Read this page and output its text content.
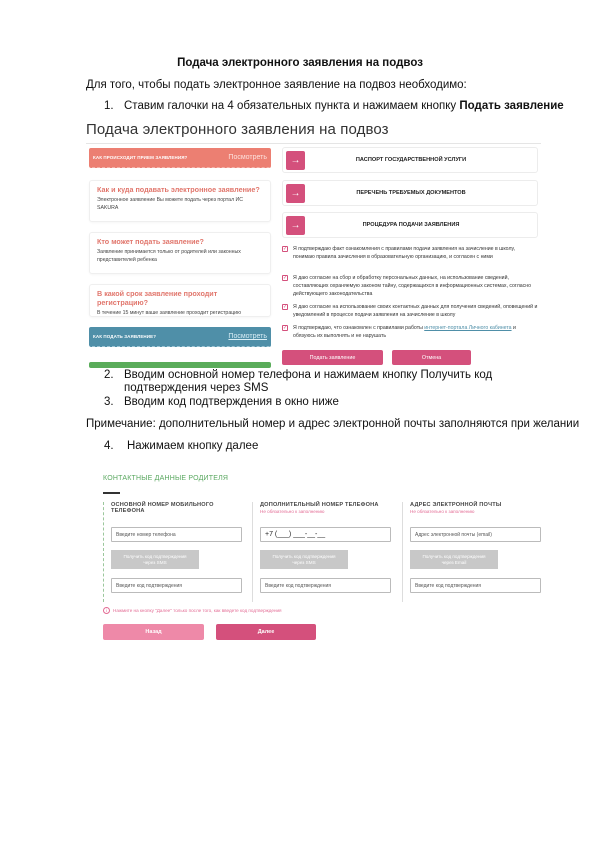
Подача электронного заявления на подвоз
Для того, чтобы подать электронное заявление на подвоз необходимо:
1. Ставим галочки на 4 обязательных пункта и нажимаем кнопку Подать заявление
Подача электронного заявления на подвоз
КАК ПРОИСХОДИТ ПРИЕМ ЗАЯВЛЕНИЯ?	Посмотреть
Как и куда подавать электронное заявление?
Электронное заявление Вы можете подать через портал ИС SAKURA
Кто может подать заявление?
Заявление принимается только от родителей или законных представителей ребенка
В какой срок заявление проходит регистрацию?
В течение 15 минут ваше заявление проходит регистрацию
КАК ПОДАТЬ ЗАЯВЛЕНИЕ?	Посмотреть
→	ПАСПОРТ ГОСУДАРСТВЕННОЙ УСЛУГИ
→	ПЕРЕЧЕНЬ ТРЕБУЕМЫХ ДОКУМЕНТОВ
→	ПРОЦЕДУРА ПОДАЧИ ЗАЯВЛЕНИЯ
✓ Я подтверждаю факт ознакомления с правилами подачи заявления на зачисление в школу, понимаю правила зачисления в образовательную организацию, и согласен с ними
✓ Я даю согласие на сбор и обработку персональных данных, на использование сведений, составляющих охраняемую законом тайну, содержащихся в информационных системах, согласно действующего законодательства
✓ Я даю согласие на использование своих контактных данных для получения сведений, оповещений и уведомлений в процессе подачи заявления на зачисление в школу
✓ Я подтверждаю, что ознакомлен с правилами работы интернет-портала Личного кабинета и обязуюсь их выполнять и не нарушать
Подать заявление	Отмена
2. Вводим основной номер телефона и нажимаем кнопку Получить код
подтверждения через SMS
3. Вводим код подтверждения в окно ниже
Примечание: дополнительный номер и адрес электронной почты заполняются при желании
4. Нажимаем кнопку далее
КОНТАКТНЫЕ ДАННЫЕ РОДИТЕЛЯ
ОСНОВНОЙ НОМЕР МОБИЛЬНОГО ТЕЛЕФОНА
Введите номер телефона
Получить код подтверждения через SMS
Введите код подтверждения
ДОПОЛНИТЕЛЬНЫЙ НОМЕР ТЕЛЕФОНА
Не обязательно к заполнению
+7 (___) ___-__-__
Получить код подтверждения через SMS
Введите код подтверждения
АДРЕС ЭЛЕКТРОННОЙ ПОЧТЫ
Не обязательно к заполнению
Адрес электронной почты (email)
Получить код подтверждения через Email
Введите код подтверждения
i	Нажмите на кнопку "Далее" только после того, как введете код подтверждения
Назад	Далее
